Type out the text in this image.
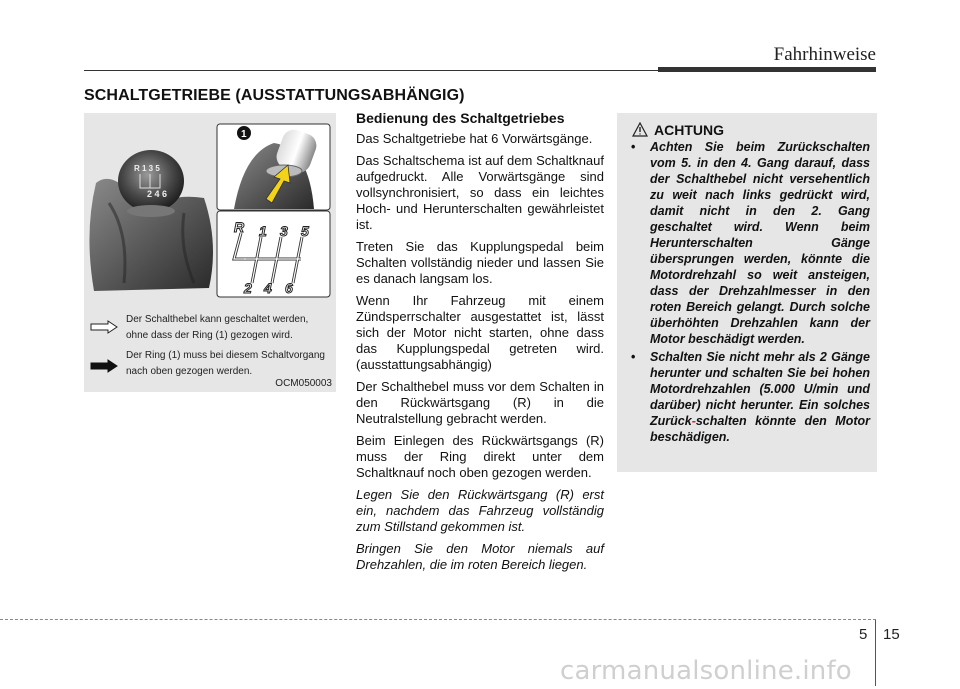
Fahrhinweise
SCHALTGETRIEBE (AUSSTATTUNGSABHÄNGIG)
R 1 3 5
2 4 6
1
R 1 3 5
2 4 6
Der Schalthebel kann geschaltet werden, ohne dass der Ring (1) gezogen wird.
Der Ring (1) muss bei diesem Schaltvorgang nach oben gezogen werden.
OCM050003
Bedienung des Schaltgetriebes

Das Schaltgetriebe hat 6 Vorwärtsgänge.

Das Schaltschema ist auf dem Schaltknauf aufgedruckt. Alle Vorwärtsgänge sind vollsynchronisiert, so dass ein leichtes Hoch- und Herunterschalten gewährleistet ist.

Treten Sie das Kupplungspedal beim Schalten vollständig nieder und lassen Sie es danach langsam los.

Wenn Ihr Fahrzeug mit einem Zündsperrschalter ausgestattet ist, lässt sich der Motor nicht starten, ohne dass das Kupplungspedal getreten wird. (ausstattungsabhängig)

Der Schalthebel muss vor dem Schalten in den Rückwärtsgang (R) in die Neutralstellung gebracht werden.

Beim Einlegen des Rückwärtsgangs (R) muss der Ring direkt unter dem Schaltknauf noch oben gezogen werden.

Legen Sie den Rückwärtsgang (R) erst ein, nachdem das Fahrzeug vollständig zum Stillstand gekommen ist.

Bringen Sie den Motor niemals auf Drehzahlen, die im roten Bereich liegen.

ACHTUNG
• Achten Sie beim Zurückschalten vom 5. in den 4. Gang darauf, dass der Schalthebel nicht versehentlich zu weit nach links gedrückt wird, damit nicht in den 2. Gang geschaltet wird. Wenn beim Herunterschalten Gänge übersprungen werden, könnte die Motordrehzahl so weit ansteigen, dass der Drehzahlmesser in den roten Bereich gelangt. Durch solche überhöhten Drehzahlen kann der Motor beschädigt werden.
• Schalten Sie nicht mehr als 2 Gänge herunter und schalten Sie bei hohen Motordrehzahlen (5.000 U/min und darüber) nicht herunter. Ein solches Zurück-schalten könnte den Motor beschädigen.
5 15
carmanualsonline.info
